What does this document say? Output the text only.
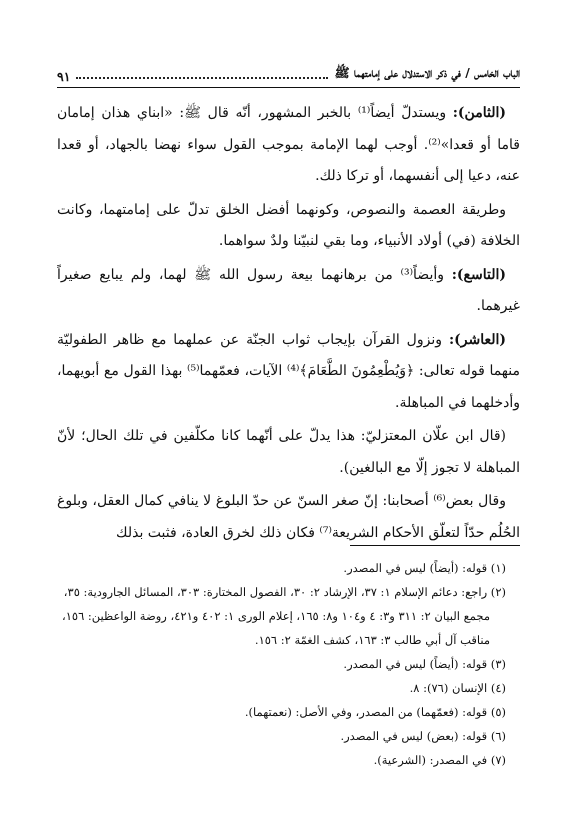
الباب الخامس / في ذكر الاستدلال على إمامتهما ﷺ
٩١

(الثامن): ويستدلّ أيضاً⁽¹⁾ بالخبر المشهور، أنّه قال ﷺ: «ابناي هذان إمامان قاما أو قعدا»⁽²⁾. أوجب لهما الإمامة بموجب القول سواء نهضا بالجهاد، أو قعدا عنه، دعيا إلى أنفسهما، أو تركا ذلك.

وطريقة العصمة والنصوص، وكونهما أفضل الخلق تدلّ على إمامتهما، وكانت الخلافة (في) أولاد الأنبياء، وما بقي لنبيّنا ولدٌ سواهما.

(التاسع): وأيضاً⁽³⁾ من برهانهما بيعة رسول الله ﷺ لهما، ولم يبايع صغيراً غيرهما.

(العاشر): ونزول القرآن بإيجاب ثواب الجنّة عن عملهما مع ظاهر الطفوليّة منهما قوله تعالى: ﴿وَيُطْعِمُونَ الطَّعَامَ﴾⁽⁴⁾ الآيات، فعمّهما⁽⁵⁾ بهذا القول مع أبويهما، وأدخلهما في المباهلة.

(قال ابن علّان المعتزليّ: هذا يدلّ على أنّهما كانا مكلّفين في تلك الحال؛ لأنّ المباهلة لا تجوز إلّا مع البالغين).

وقال بعض⁽⁶⁾ أصحابنا: إنّ صغر السنّ عن حدّ البلوغ لا ينافي كمال العقل، وبلوغ الحُلُم حدّاً لتعلّق الأحكام الشريعة⁽⁷⁾ فكان ذلك لخرق العادة، فثبت بذلك

(١) قوله: (أيضاً) ليس في المصدر.
(٢) راجع: دعائم الإسلام ١: ٣٧، الإرشاد ٢: ٣٠، الفصول المختارة: ٣٠٣، المسائل الجارودية: ٣٥،
مجمع البيان ٢: ٣١١ و٣: ٤ و١٠٤ و٨: ١٦٥، إعلام الورى ١: ٤٠٢ و٤٢١، روضة الواعظين: ١٥٦،
مناقب آل أبي طالب ٣: ١٦٣، كشف الغمّة ٢: ١٥٦.
(٣) قوله: (أيضاً) ليس في المصدر.
(٤) الإنسان (٧٦): ٨.
(٥) قوله: (فعمّهما) من المصدر، وفي الأصل: (نعمتهما).
(٦) قوله: (بعض) ليس في المصدر.
(٧) في المصدر: (الشرعية).
